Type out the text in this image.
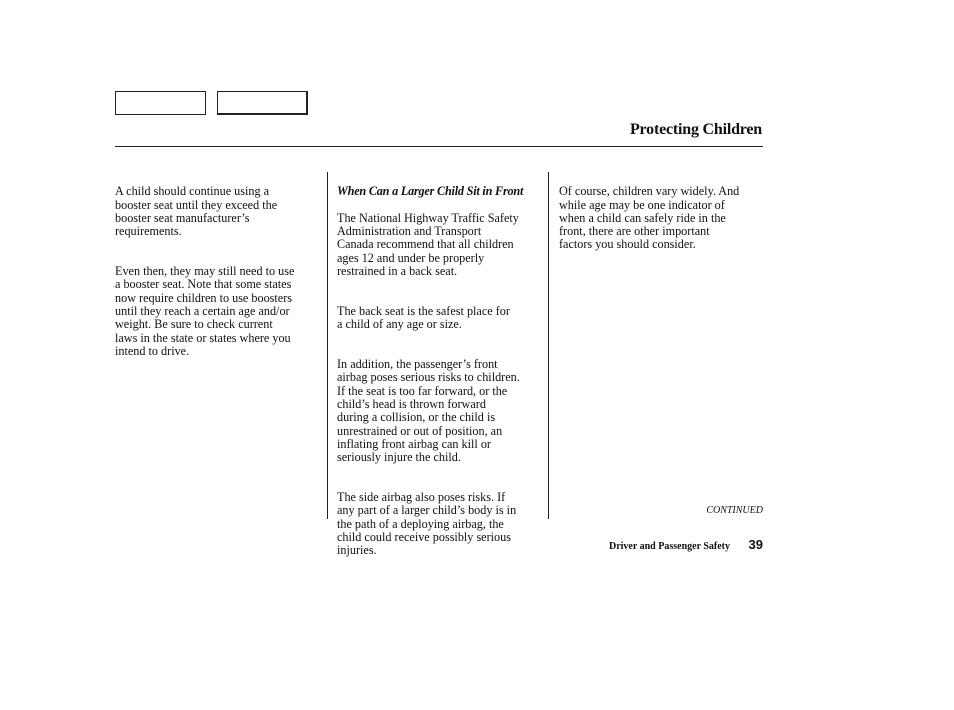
Protecting Children

A child should continue using a
booster seat until they exceed the
booster seat manufacturer’s
requirements.

Even then, they may still need to use
a booster seat. Note that some states
now require children to use boosters
until they reach a certain age and/or
weight. Be sure to check current
laws in the state or states where you
intend to drive.

When Can a Larger Child Sit in Front

The National Highway Traffic Safety
Administration and Transport
Canada recommend that all children
ages 12 and under be properly
restrained in a back seat.

The back seat is the safest place for
a child of any age or size.

In addition, the passenger’s front
airbag poses serious risks to children.
If the seat is too far forward, or the
child’s head is thrown forward
during a collision, or the child is
unrestrained or out of position, an
inflating front airbag can kill or
seriously injure the child.

The side airbag also poses risks. If
any part of a larger child’s body is in
the path of a deploying airbag, the
child could receive possibly serious
injuries.

Of course, children vary widely. And
while age may be one indicator of
when a child can safely ride in the
front, there are other important
factors you should consider.

CONTINUED

Driver and Passenger Safety 39
